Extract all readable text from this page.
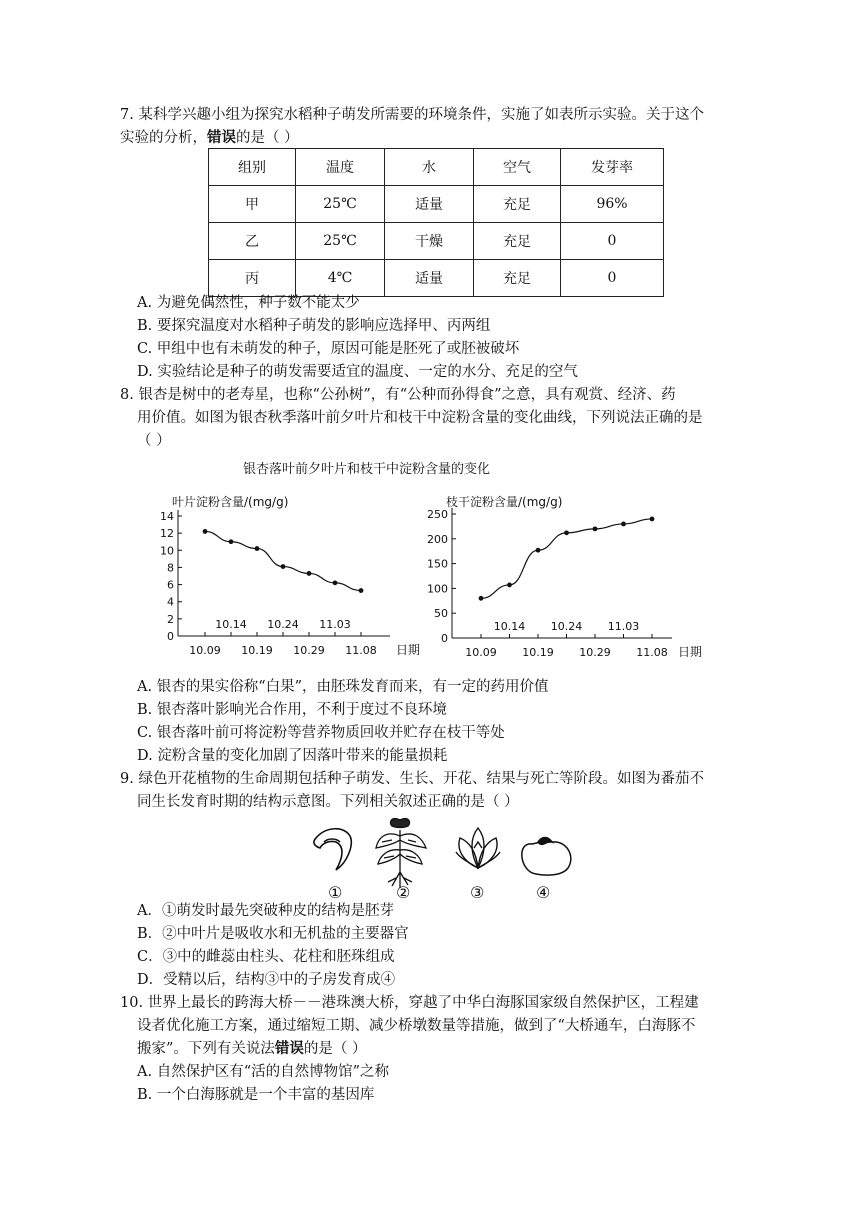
7. 某科学兴趣小组为探究水稻种子萌发所需要的环境条件，实施了如表所示实验。关于这个
实验的分析，错误的是（ ）
组别	温度	水	空气	发芽率
甲	25℃	适量	充足	96%
乙	25℃	干燥	充足	0
丙	4℃	适量	充足	0
A. 为避免偶然性，种子数不能太少
B. 要探究温度对水稻种子萌发的影响应选择甲、丙两组
C. 甲组中也有未萌发的种子，原因可能是胚死了或胚被破坏
D. 实验结论是种子的萌发需要适宜的温度、一定的水分、充足的空气
8. 银杏是树中的老寿星，也称“公孙树”，有“公种而孙得食”之意，具有观赏、经济、药
用价值。如图为银杏秋季落叶前夕叶片和枝干中淀粉含量的变化曲线，下列说法正确的是
（ ）
银杏落叶前夕叶片和枝干中淀粉含量的变化
叶片淀粉含量/(mg/g)
0
2
4
6
8
10
12
14
10.09 10.19 10.29 11.08
10.14 10.24 11.03
日期
枝干淀粉含量/(mg/g)
0
50
100
150
200
250
10.09 10.19 10.29 11.08
10.14 10.24 11.03
日期
A. 银杏的果实俗称“白果”，由胚珠发育而来，有一定的药用价值
B. 银杏落叶影响光合作用，不利于度过不良环境
C. 银杏落叶前可将淀粉等营养物质回收并贮存在枝干等处
D. 淀粉含量的变化加剧了因落叶带来的能量损耗
9. 绿色开花植物的生命周期包括种子萌发、生长、开花、结果与死亡等阶段。如图为番茄不
同生长发育时期的结构示意图。下列相关叙述正确的是（ ）
①	②	③	④
A．①萌发时最先突破种皮的结构是胚芽
B．②中叶片是吸收水和无机盐的主要器官
C．③中的雌蕊由柱头、花柱和胚珠组成
D．受精以后，结构③中的子房发育成④
10. 世界上最长的跨海大桥－－港珠澳大桥，穿越了中华白海豚国家级自然保护区，工程建
设者优化施工方案，通过缩短工期、减少桥墩数量等措施，做到了“大桥通车，白海豚不
搬家”。下列有关说法错误的是（ ）
A. 自然保护区有“活的自然博物馆”之称
B. 一个白海豚就是一个丰富的基因库
